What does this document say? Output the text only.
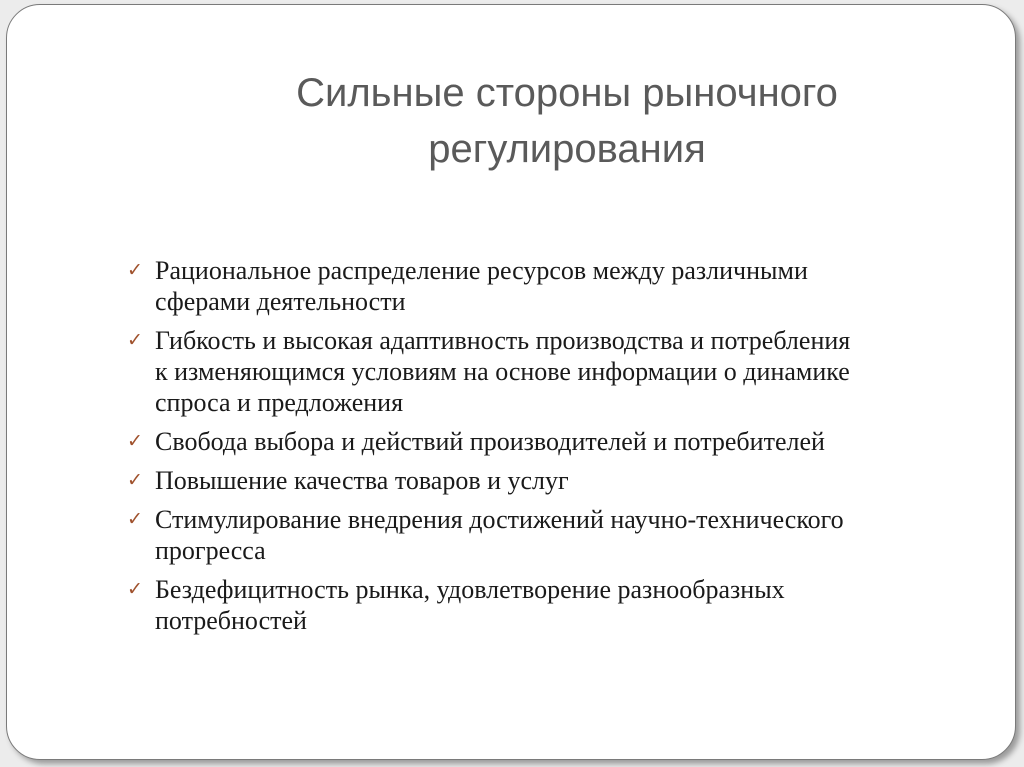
Сильные стороны рыночного
регулирования
✓ Рациональное распределение ресурсов между различными
сферами деятельности
✓ Гибкость и высокая адаптивность производства и потребления
к изменяющимся условиям на основе информации о динамике
спроса и предложения
✓ Свобода выбора и действий производителей и потребителей
✓ Повышение качества товаров и услуг
✓ Стимулирование внедрения достижений научно-технического
прогресса
✓ Бездефицитность рынка, удовлетворение разнообразных
потребностей
